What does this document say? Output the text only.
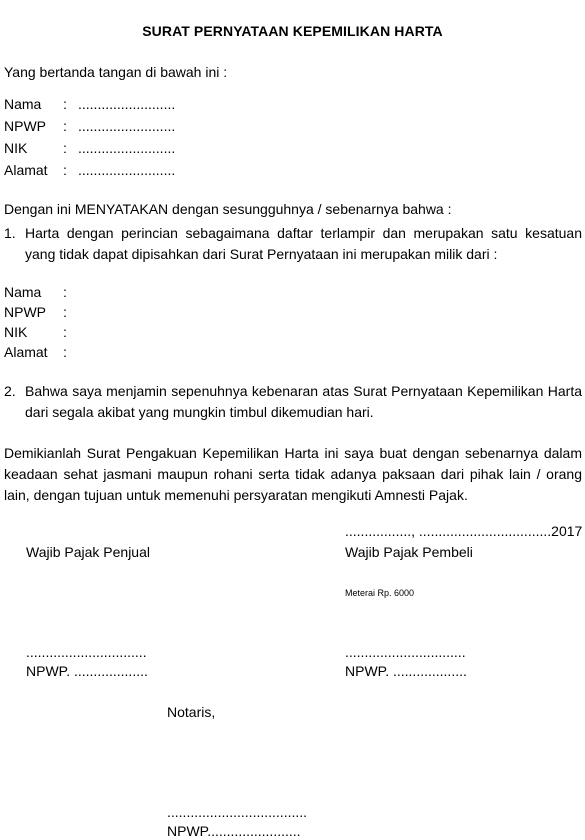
SURAT PERNYATAAN KEPEMILIKAN HARTA
Yang bertanda tangan di bawah ini :
Nama : .........................
NPWP : .........................
NIK	: .........................
Alamat : .........................
Dengan ini MENYATAKAN dengan sesungguhnya / sebenarnya bahwa :
1. Harta dengan perincian sebagaimana daftar terlampir dan merupakan satu kesatuan yang tidak dapat dipisahkan dari Surat Pernyataan ini merupakan milik dari :
Nama :
NPWP :
NIK	:
Alamat :
2. Bahwa saya menjamin sepenuhnya kebenaran atas Surat Pernyataan Kepemilikan Harta dari segala akibat yang mungkin timbul dikemudian hari.
Demikianlah Surat Pengakuan Kepemilikan Harta ini saya buat dengan sebenarnya dalam keadaan sehat jasmani maupun rohani serta tidak adanya paksaan dari pihak lain / orang lain, dengan tujuan untuk memenuhi persyaratan mengikuti Amnesti Pajak.
................., ..................................2017
Wajib Pajak Penjual
...............................
NPWP. ...................
Wajib Pajak Pembeli
Meterai Rp. 6000
...............................
NPWP. ...................
Notaris,
....................................
NPWP........................
